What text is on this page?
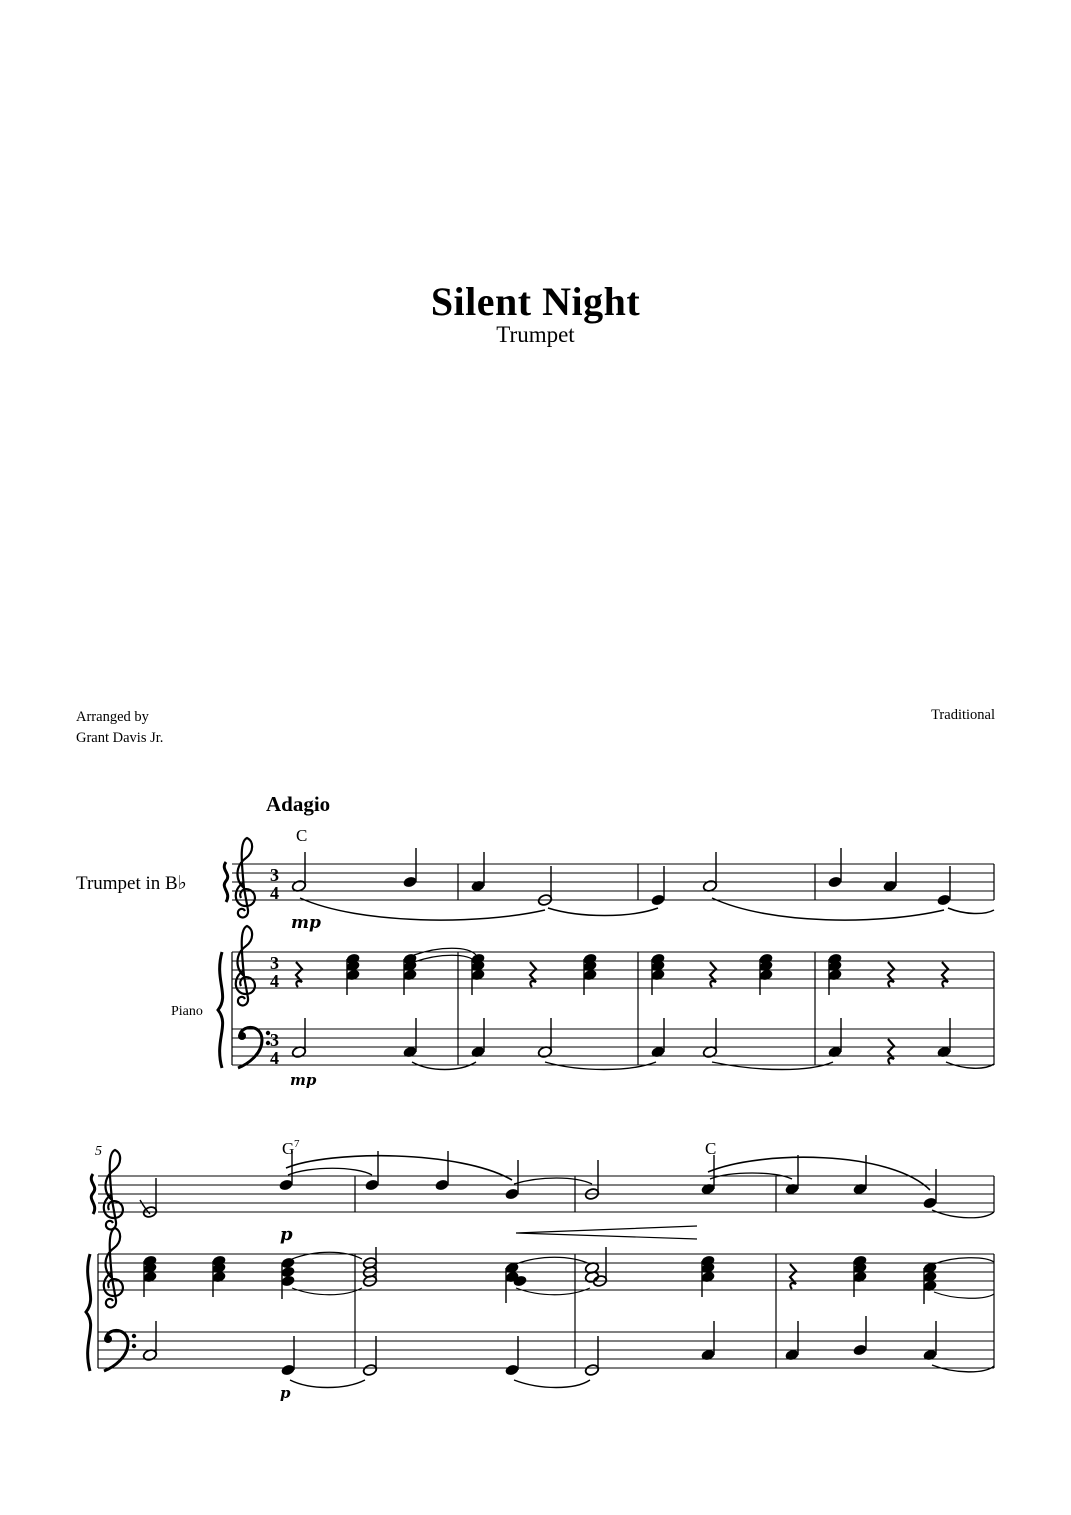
Silent Night
Trumpet
Arranged by
Grant Davis Jr.
Traditional
Adagio
Trumpet in B♭
Piano
C
3
4
mp
3
4
3
4
mp
5	G 7	C
p
p
